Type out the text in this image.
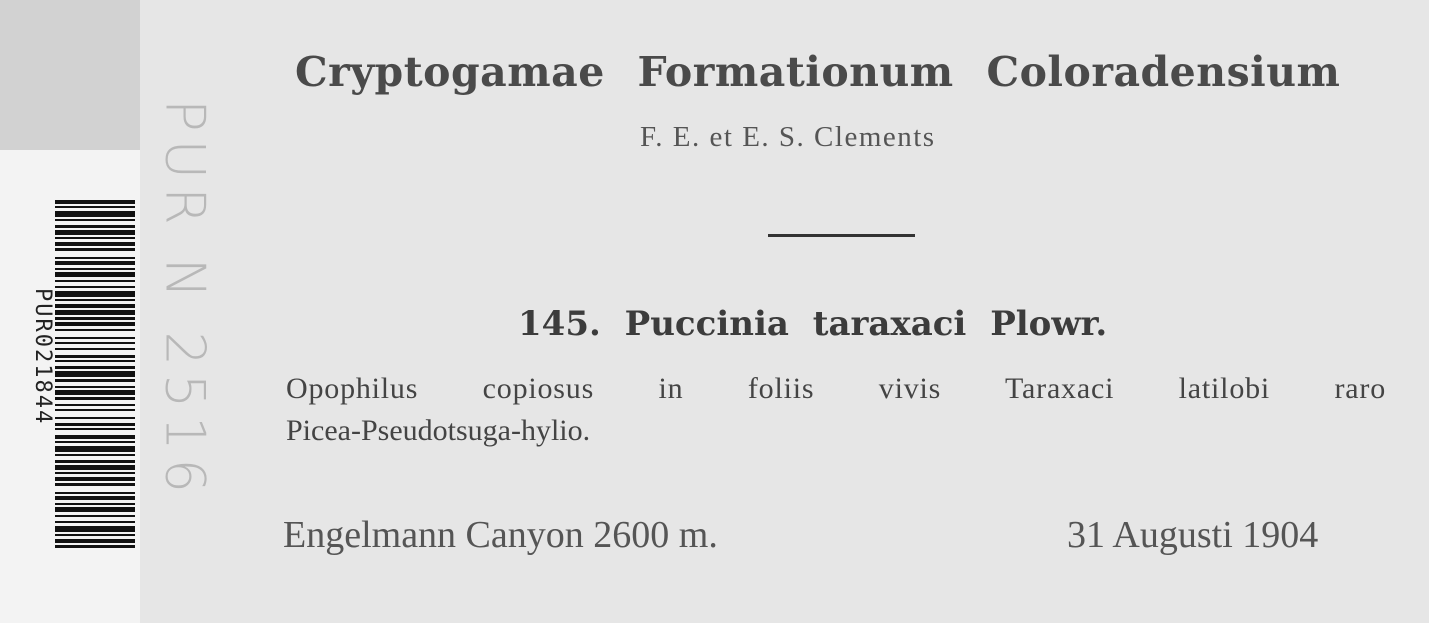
PUR021844
Cryptogamae Formationum Coloradensium
F. E. et E. S. Clements
145. Puccinia taraxaci Plowr.
Opophilus copiosus in foliis vivis Taraxaci latilobi raro
Picea-Pseudotsuga-hylio.
Engelmann Canyon 2600 m.	31 Augusti 1904
PUR N 2516
